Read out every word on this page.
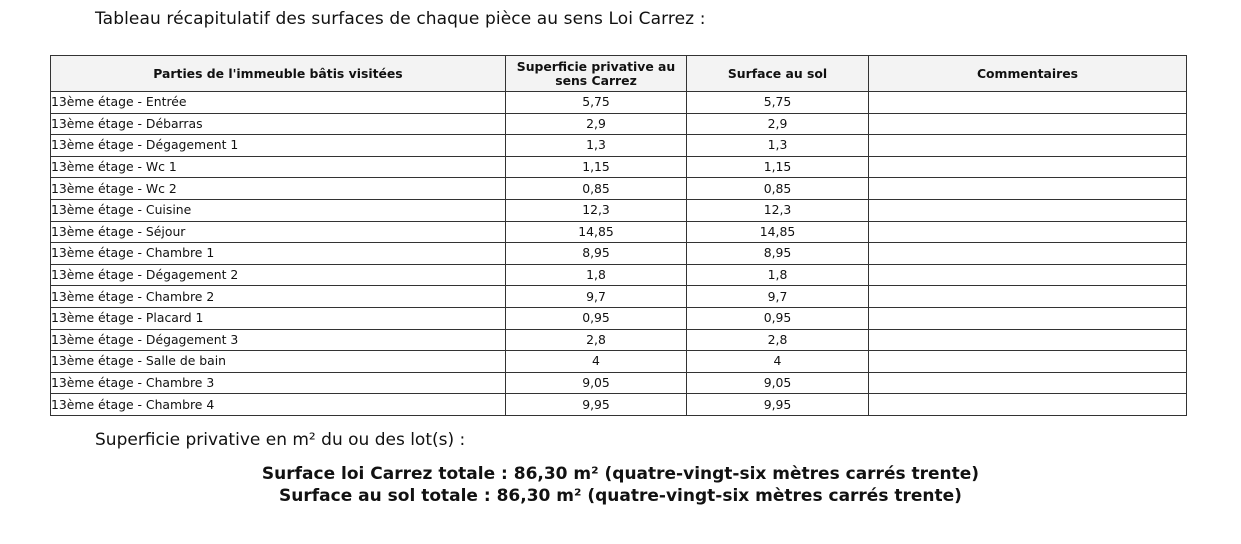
Tableau récapitulatif des surfaces de chaque pièce au sens Loi Carrez :
Parties de l'immeuble bâtis visitées	Superficie privative au sens Carrez	Surface au sol	Commentaires
13ème étage - Entrée	5,75	5,75	
13ème étage - Débarras	2,9	2,9	
13ème étage - Dégagement 1	1,3	1,3	
13ème étage - Wc 1	1,15	1,15	
13ème étage - Wc 2	0,85	0,85	
13ème étage - Cuisine	12,3	12,3	
13ème étage - Séjour	14,85	14,85	
13ème étage - Chambre 1	8,95	8,95	
13ème étage - Dégagement 2	1,8	1,8	
13ème étage - Chambre 2	9,7	9,7	
13ème étage - Placard 1	0,95	0,95	
13ème étage - Dégagement 3	2,8	2,8	
13ème étage - Salle de bain	4	4	
13ème étage - Chambre 3	9,05	9,05	
13ème étage - Chambre 4	9,95	9,95	
Superficie privative en m² du ou des lot(s) :
Surface loi Carrez totale : 86,30 m² (quatre-vingt-six mètres carrés trente)
Surface au sol totale : 86,30 m² (quatre-vingt-six mètres carrés trente)
